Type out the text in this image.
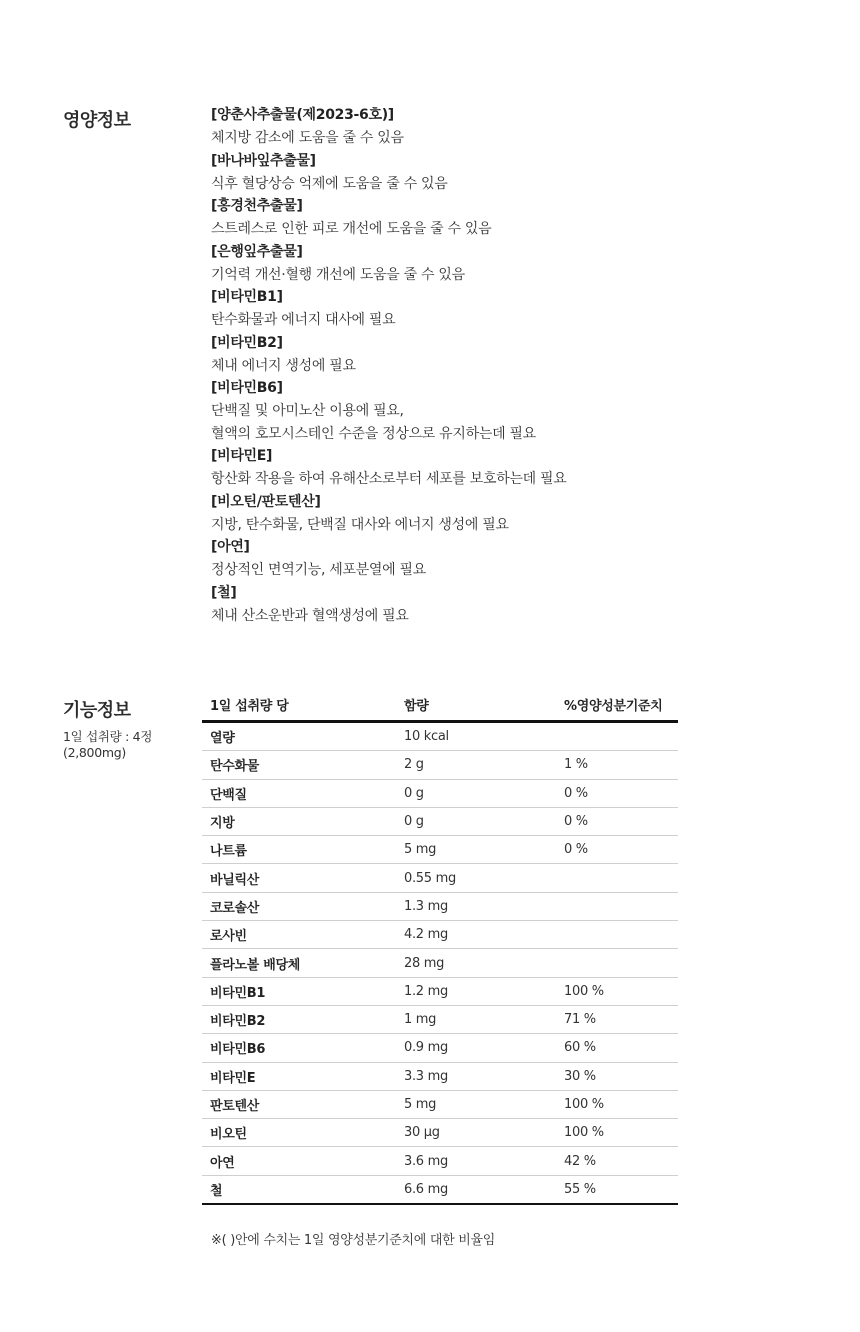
영양정보	[양춘사추출물(제2023-6호)]
체지방 감소에 도움을 줄 수 있음
[바나바잎추출물]
식후 혈당상승 억제에 도움을 줄 수 있음
[홍경천추출물]
스트레스로 인한 피로 개선에 도움을 줄 수 있음
[은행잎추출물]
기억력 개선·혈행 개선에 도움을 줄 수 있음
[비타민B1]
탄수화물과 에너지 대사에 필요
[비타민B2]
체내 에너지 생성에 필요
[비타민B6]
단백질 및 아미노산 이용에 필요,
혈액의 호모시스테인 수준을 정상으로 유지하는데 필요
[비타민E]
항산화 작용을 하여 유해산소로부터 세포를 보호하는데 필요
[비오틴/판토텐산]
지방, 탄수화물, 단백질 대사와 에너지 생성에 필요
[아연]
정상적인 면역기능, 세포분열에 필요
[철]
체내 산소운반과 혈액생성에 필요
기능정보
1일 섭취량 : 4정
(2,800mg)
1일 섭취량 당	함량	%영양성분기준치
열량	10 kcal	
탄수화물	2 g	1 %
단백질	0 g	0 %
지방	0 g	0 %
나트륨	5 mg	0 %
바닐릭산	0.55 mg	
코로솔산	1.3 mg	
로사빈	4.2 mg	
플라노볼 배당체	28 mg	
비타민B1	1.2 mg	100 %
비타민B2	1 mg	71 %
비타민B6	0.9 mg	60 %
비타민E	3.3 mg	30 %
판토텐산	5 mg	100 %
비오틴	30 μg	100 %
아연	3.6 mg	42 %
철	6.6 mg	55 %
※( )안에 수치는 1일 영양성분기준치에 대한 비율임
